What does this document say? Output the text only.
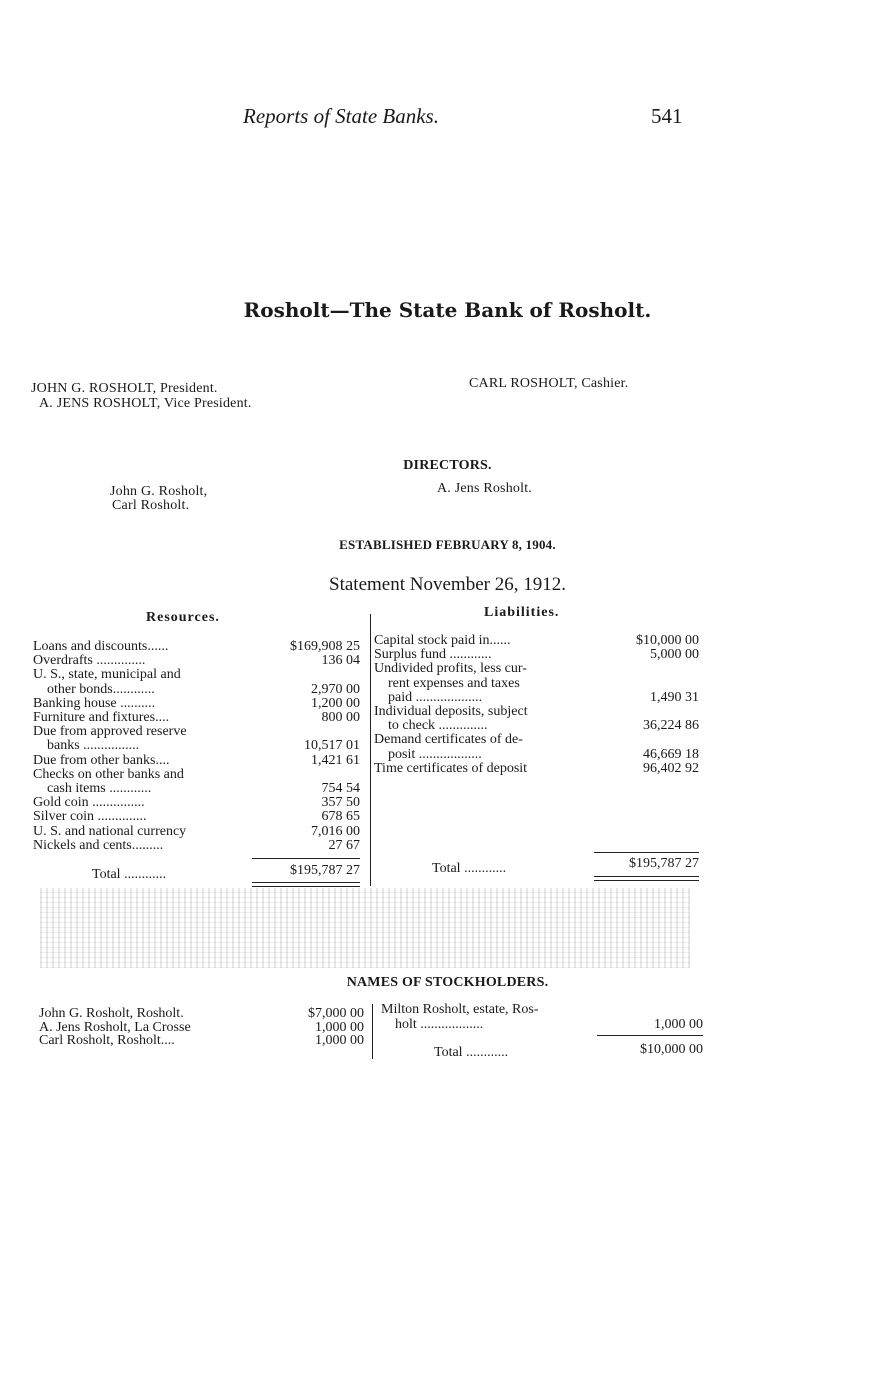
Reports of State Banks.	541
Rosholt—The State Bank of Rosholt.
JOHN G. ROSHOLT, President.
A. JENS ROSHOLT, Vice President.
CARL ROSHOLT, Cashier.
DIRECTORS.
John G. Rosholt,
Carl Rosholt.
A. Jens Rosholt.
ESTABLISHED FEBRUARY 8, 1904.
Statement November 26, 1912.
Resources.	Liabilities.
Loans and discounts......	$169,908 25
Overdrafts ..............	136 04
U. S., state, municipal and
other bonds............	2,970 00
Banking house ..........	1,200 00
Furniture and fixtures....	800 00
Due from approved reserve
banks ................	10,517 01
Due from other banks....	1,421 61
Checks on other banks and
cash items ............	754 54
Gold coin ...............	357 50
Silver coin ..............	678 65
U. S. and national currency	7,016 00
Nickels and cents.........	27 67
Capital stock paid in......	$10,000 00
Surplus fund ............	5,000 00
Undivided profits, less cur-
rent expenses and taxes
paid ...................	1,490 31
Individual deposits, subject
to check ..............	36,224 86
Demand certificates of de-
posit ..................	46,669 18
Time certificates of deposit	96,402 92
Total ............	$195,787 27	Total ............	$195,787 27
NAMES OF STOCKHOLDERS.
John G. Rosholt, Rosholt.	$7,000 00
A. Jens Rosholt, La Crosse	1,000 00
Carl Rosholt, Rosholt....	1,000 00
Milton Rosholt, estate, Ros-
holt ..................	1,000 00
Total ............	$10,000 00
